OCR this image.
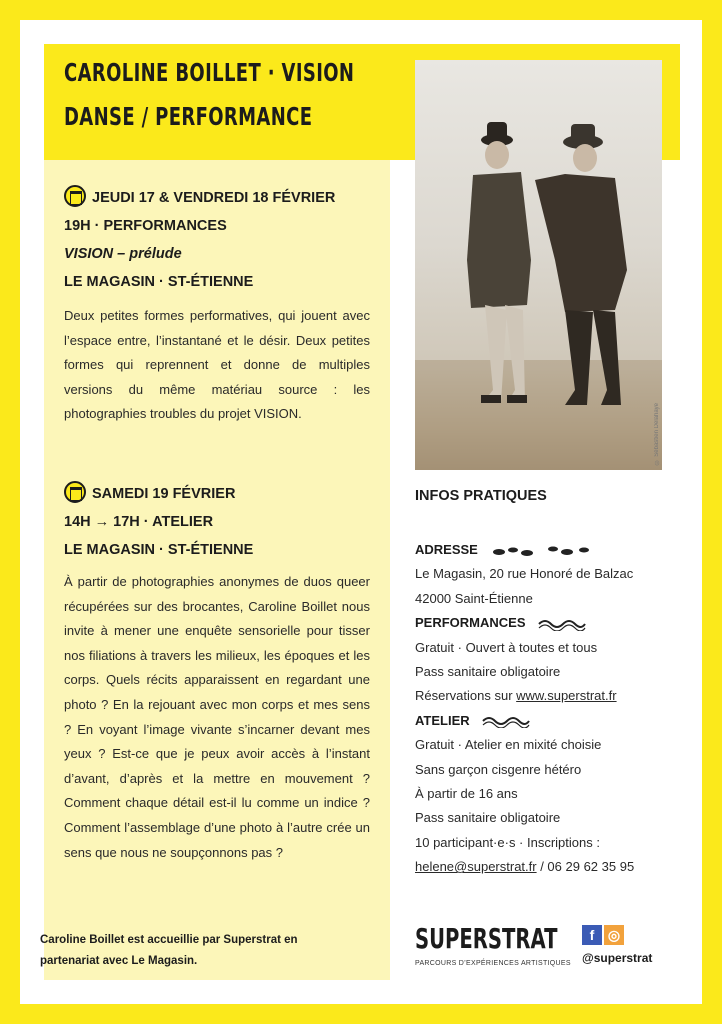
CAROLINE BOILLET · VISION
DANSE / PERFORMANCE
© Sébastien Delahaye
JEUDI 17 & VENDREDI 18 FÉVRIER
19H · PERFORMANCES
VISION – prélude
LE MAGASIN · ST-ÉTIENNE

Deux petites formes performatives, qui jouent avec l’espace entre, l’instantané et le désir. Deux petites formes qui reprennent et donne de multiples versions du même matériau source : les photographies troubles du projet VISION.

SAMEDI 19 FÉVRIER
14H → 17H · ATELIER
LE MAGASIN · ST-ÉTIENNE

À partir de photographies anonymes de duos queer récupérées sur des brocantes, Caroline Boillet nous invite à mener une enquête sensorielle pour tisser nos filiations à travers les milieux, les époques et les corps. Quels récits apparaissent en regardant une photo ? En la rejouant avec mon corps et mes sens ? En voyant l’image vivante s’incarner devant mes yeux ? Est-ce que je peux avoir accès à l’instant d’avant, d’après et la mettre en mouvement ? Comment chaque détail est-il lu comme un indice ? Comment l’assemblage d’une photo à l’autre crée un sens que nous ne soupçonnons pas ?

Caroline Boillet est accueillie par Superstrat en partenariat avec Le Magasin.
INFOS PRATIQUES
ADRESSE
Le Magasin, 20 rue Honoré de Balzac
42000 Saint-Étienne
PERFORMANCES
Gratuit · Ouvert à toutes et tous
Pass sanitaire obligatoire
Réservations sur www.superstrat.fr
ATELIER
Gratuit · Atelier en mixité choisie
Sans garçon cisgenre hétéro
À partir de 16 ans
Pass sanitaire obligatoire
10 participant·e·s · Inscriptions :
helene@superstrat.fr / 06 29 62 35 95
SUPERSTRAT
PARCOURS D’EXPÉRIENCES ARTISTIQUES
f ◎
@superstrat
